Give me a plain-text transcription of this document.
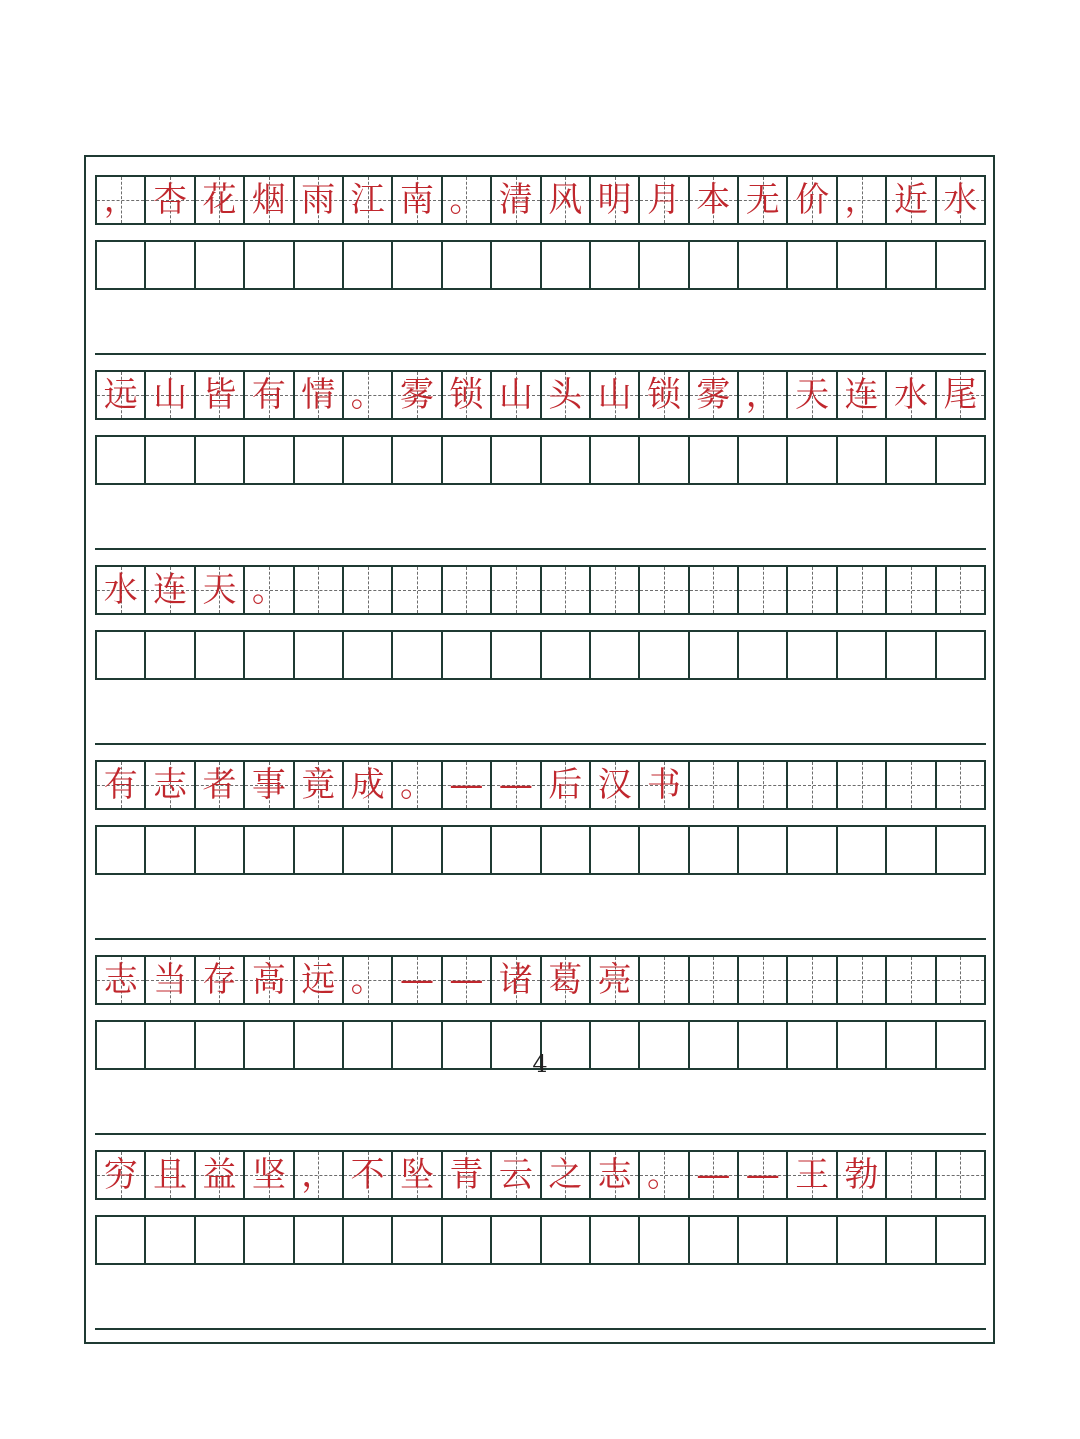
， 杏 花 烟 雨 江 南 。 清 风 明 月 本 无 价 ， 近 水
远 山 皆 有 情 。 雾 锁 山 头 山 锁 雾 ， 天 连 水 尾
水 连 天 。
有 志 者 事 竟 成 。 — — 后 汉 书
志 当 存 高 远 。 — — 诸 葛 亮
穷 且 益 坚 ， 不 坠 青 云 之 志 。 — — 王 勃
4
